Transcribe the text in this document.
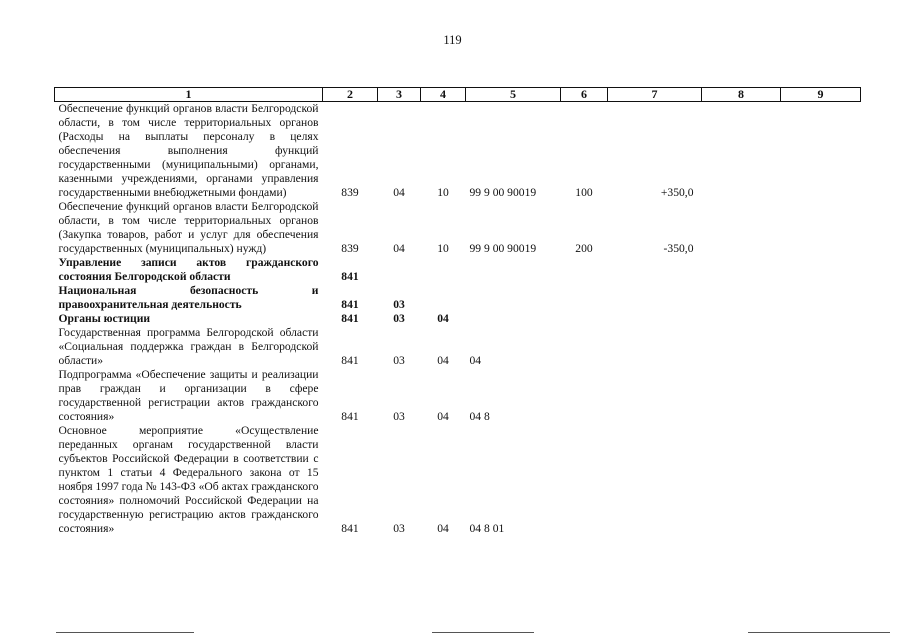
119
1	2	3	4	5	6	7	8	9
Обеспечение функций органов власти Белгородской области, в том числе территориальных органов (Расходы на выплаты персоналу в целях обеспечения выполнения функций государственными (муниципальными) органами, казенными учреждениями, органами управления государственными внебюджетными фондами)	839	04	10	99 9 00 90019	100	+350,0		
Обеспечение функций органов власти Белгородской области, в том числе территориальных органов (Закупка товаров, работ и услуг для обеспечения государственных (муниципальных) нужд)	839	04	10	99 9 00 90019	200	-350,0		
Управление записи актов гражданского состояния Белгородской области	841							
Национальная безопасность и правоохранительная деятельность	841	03						
Органы юстиции	841	03	04					
Государственная программа Белгородской области «Социальная поддержка граждан в Белгородской области»	841	03	04	04				
Подпрограмма «Обеспечение защиты и реализации прав граждан и организации в сфере государственной регистрации актов гражданского состояния»	841	03	04	04 8				
Основное мероприятие «Осуществление переданных органам государственной власти субъектов Российской Федерации в соответствии с пунктом 1 статьи 4 Федерального закона от 15 ноября 1997 года № 143-ФЗ «Об актах гражданского состояния» полномочий Российской Федерации на государственную регистрацию актов гражданского состояния»	841	03	04	04 8 01				
